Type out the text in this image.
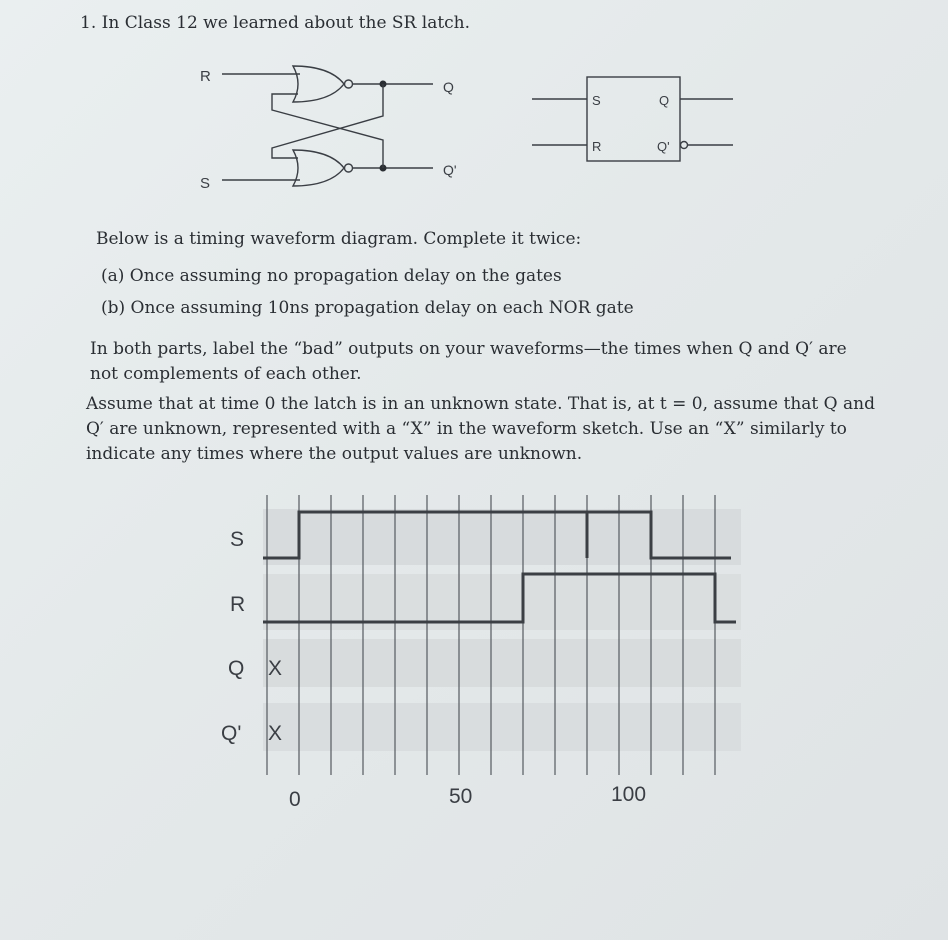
1. In Class 12 we learned about the SR latch.
Below is a timing waveform diagram. Complete it twice:
(a) Once assuming no propagation delay on the gates
(b) Once assuming 10ns propagation delay on each NOR gate
In both parts, label the “bad” outputs on your waveforms—the times when Q and Q′ are not complements of each other.
Assume that at time 0 the latch is in an unknown state. That is, at t = 0, assume that Q and Q′ are unknown, represented with a “X” in the waveform sketch. Use an “X” similarly to indicate any times where the output values are unknown.
R
S
Q
Q'
S
R
Q
Q'
S
R
Q X
Q' X
0	50	100
